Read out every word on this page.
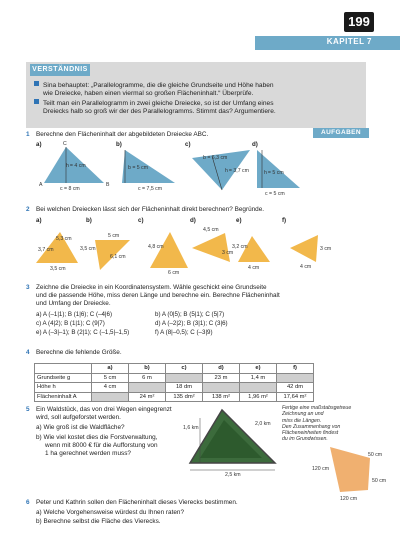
199
KAPITEL 7
VERSTÄNDNIS
Sina behauptet: „Parallelogramme, die die gleiche Grundseite und Höhe haben
wie Dreiecke, haben einen viermal so großen Flächeninhalt.“ Überprüfe.
Teilt man ein Parallelogramm in zwei gleiche Dreiecke, so ist der Umfang eines
Dreiecks halb so groß wir der des Parallelogramms. Stimmt das? Argumentiere.
AUFGABEN
1 Berechne den Flächeninhalt der abgebildeten Dreiecke ABC.
a)	b)	c)	d)
h = 4 cm
c = 8 cm
A	B
C
b = 5 cm
c = 7,5 cm
b = 6,3 cm
h = 3,7 cm	h = 5 cm
c = 5 cm
2 Bei welchen Dreiecken lässt sich der Flächeninhalt direkt berechnen? Begründe.
a)	b)	c)	d)	e)	f)
5,3 cm
3,7 cm
3,5 cm
5 cm
3,5 cm
6,1 cm
4,8 cm
6 cm
4,5 cm
3 cm
4 cm
3,2 cm	3 cm
4 cm
3 Zeichne die Dreiecke in ein Koordinatensystem. Wähle geschickt eine Grundseite
und die passende Höhe, miss deren Länge und berechne ein. Berechne Flächeninhalt
und Umfang der Dreiecke.
a) A (–1|1); B (1|6); C (–4|6)	b) A (0|5); B (5|1); C (5|7)
c) A (4|2); B (1|1); C (9|7)	d) A (–2|2); B (3|1); C (3|6)
e) A (–3|–1); B (2|1); C (–1,5|–1,5)	f) A (8|–0,5); C (–3|9)
4 Berechne die fehlende Größe.
	a)	b)	c)	d)	e)	f)
Grundseite g	5 cm	6 m		23 m	1,4 m	
Höhe h	4 cm		18 dm			42 dm
Flächeninhalt A		24 m²	135 dm²	138 m²	1,96 m²	17,64 m²
5 Ein Waldstück, das von drei Wegen eingegrenzt
wird, soll aufgeforstet werden.
a) Wie groß ist die Waldfläche?
b) Wie viel kostet dies die Forstverwaltung,
wenn mit 8000 € für die Aufforstung von
1 ha gerechnet werden muss?
1,6 km
2,0 km
2,5 km
Fertige eine maßstabsgetreue Zeichnung an und
miss die Längen.
Den Zusammenhang von
Flächeneinheiten findest
du im Grundwissen.
50 cm
120 cm
50 cm
120 cm
6 Peter und Kathrin sollen den Flächeninhalt dieses Vierecks bestimmen.
a) Welche Vorgehensweise würdest du Ihnen raten?
b) Berechne selbst die Fläche des Vierecks.
